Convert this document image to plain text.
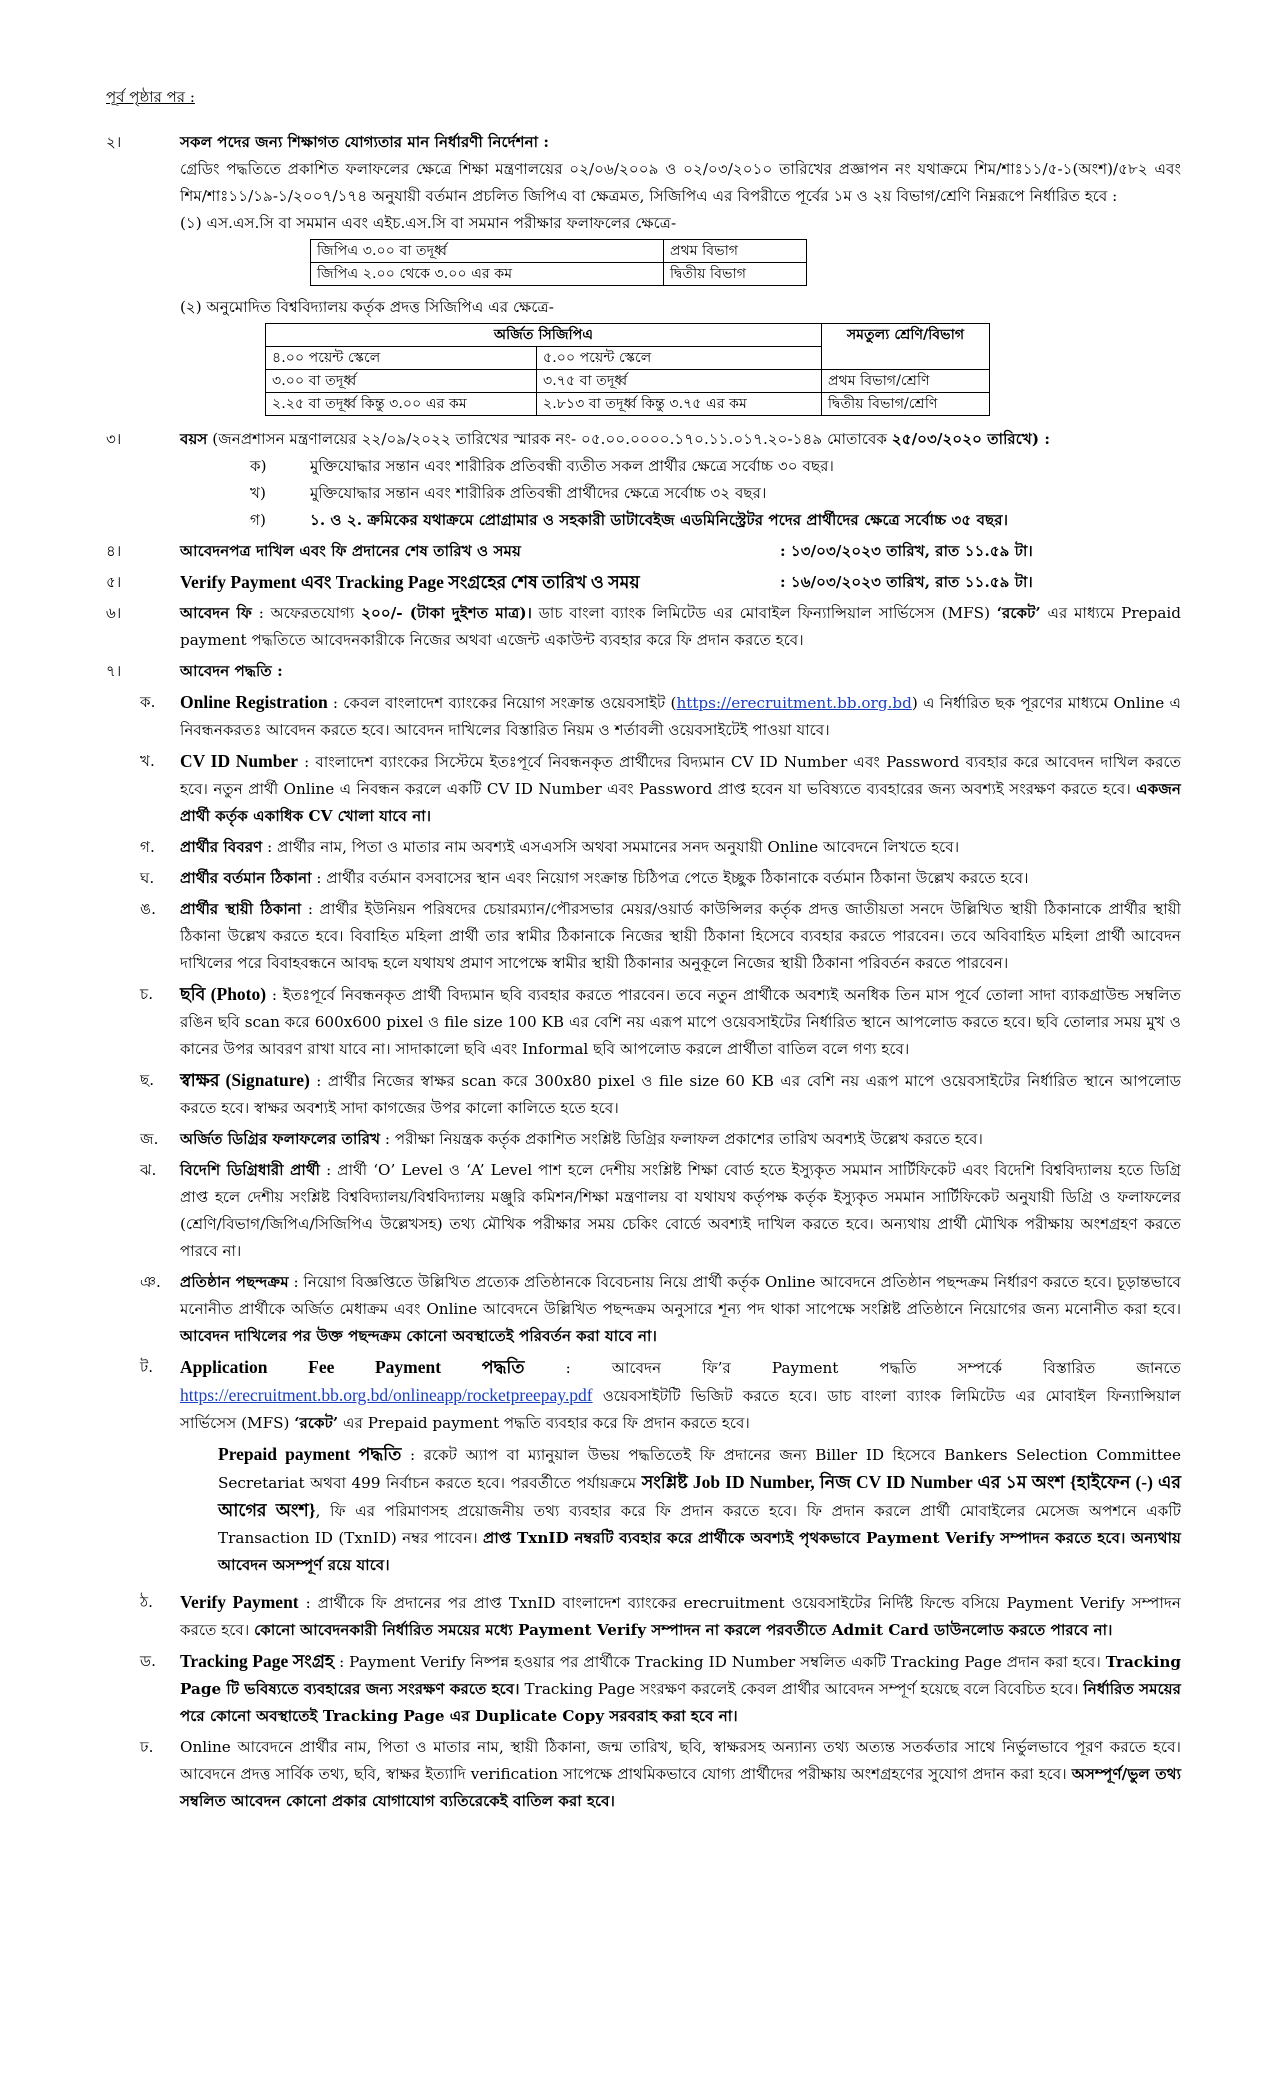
পূর্ব পৃষ্ঠার পর :
২।	সকল পদের জন্য শিক্ষাগত যোগ্যতার মান নির্ধারণী নির্দেশনা :
গ্রেডিং পদ্ধতিতে প্রকাশিত ফলাফলের ক্ষেত্রে শিক্ষা মন্ত্রণালয়ের ০২/০৬/২০০৯ ও ০২/০৩/২০১০ তারিখের প্রজ্ঞাপন নং যথাক্রমে শিম/শাঃ১১/৫-১(অংশ)/৫৮২ এবং শিম/শাঃ১১/১৯-১/২০০৭/১৭৪ অনুযায়ী বর্তমান প্রচলিত জিপিএ বা ক্ষেত্রমত, সিজিপিএ এর বিপরীতে পূর্বের ১ম ও ২য় বিভাগ/শ্রেণি নিম্নরূপে নির্ধারিত হবে :
(১) এস.এস.সি বা সমমান এবং এইচ.এস.সি বা সমমান পরীক্ষার ফলাফলের ক্ষেত্রে-
জিপিএ ৩.০০ বা তদূর্ধ্ব	প্রথম বিভাগ
জিপিএ ২.০০ থেকে ৩.০০ এর কম	দ্বিতীয় বিভাগ
(২) অনুমোদিত বিশ্ববিদ্যালয় কর্তৃক প্রদত্ত সিজিপিএ এর ক্ষেত্রে-
অর্জিত সিজিপিএ		সমতুল্য শ্রেণি/বিভাগ
৪.০০ পয়েন্ট স্কেলে	৫.০০ পয়েন্ট স্কেলে	
৩.০০ বা তদূর্ধ্ব	৩.৭৫ বা তদূর্ধ্ব	প্রথম বিভাগ/শ্রেণি
২.২৫ বা তদূর্ধ্ব কিন্তু ৩.০০ এর কম	২.৮১৩ বা তদূর্ধ্ব কিন্তু ৩.৭৫ এর কম	দ্বিতীয় বিভাগ/শ্রেণি
৩।	বয়স (জনপ্রশাসন মন্ত্রণালয়ের ২২/০৯/২০২২ তারিখের স্মারক নং- ০৫.০০.০০০০.১৭০.১১.০১৭.২০-১৪৯ মোতাবেক ২৫/০৩/২০২০ তারিখে) :
ক)	মুক্তিযোদ্ধার সন্তান এবং শারীরিক প্রতিবন্ধী ব্যতীত সকল প্রার্থীর ক্ষেত্রে সর্বোচ্চ ৩০ বছর।
খ)	মুক্তিযোদ্ধার সন্তান এবং শারীরিক প্রতিবন্ধী প্রার্থীদের ক্ষেত্রে সর্বোচ্চ ৩২ বছর।
গ)	১. ও ২. ক্রমিকের যথাক্রমে প্রোগ্রামার ও সহকারী ডাটাবেইজ এডমিনিস্ট্রেটর পদের প্রার্থীদের ক্ষেত্রে সর্বোচ্চ ৩৫ বছর।
৪।	আবেদনপত্র দাখিল এবং ফি প্রদানের শেষ তারিখ ও সময়	: ১৩/০৩/২০২৩ তারিখ, রাত ১১.৫৯ টা।
৫।	Verify Payment এবং Tracking Page সংগ্রহের শেষ তারিখ ও সময়	: ১৬/০৩/২০২৩ তারিখ, রাত ১১.৫৯ টা।
৬।	আবেদন ফি : অফেরতযোগ্য ২০০/- (টাকা দুইশত মাত্র)। ডাচ বাংলা ব্যাংক লিমিটেড এর মোবাইল ফিন্যান্সিয়াল সার্ভিসেস (MFS) ‘রকেট’ এর মাধ্যমে Prepaid payment পদ্ধতিতে আবেদনকারীকে নিজের অথবা এজেন্ট একাউন্ট ব্যবহার করে ফি প্রদান করতে হবে।
৭।	আবেদন পদ্ধতি :
ক.	Online Registration : কেবল বাংলাদেশ ব্যাংকের নিয়োগ সংক্রান্ত ওয়েবসাইট (https://erecruitment.bb.org.bd) এ নির্ধারিত ছক পূরণের মাধ্যমে Online এ নিবন্ধনকরতঃ আবেদন করতে হবে। আবেদন দাখিলের বিস্তারিত নিয়ম ও শর্তাবলী ওয়েবসাইটেই পাওয়া যাবে।
খ.	CV ID Number : বাংলাদেশ ব্যাংকের সিস্টেমে ইতঃপূর্বে নিবন্ধনকৃত প্রার্থীদের বিদ্যমান CV ID Number এবং Password ব্যবহার করে আবেদন দাখিল করতে হবে। নতুন প্রার্থী Online এ নিবন্ধন করলে একটি CV ID Number এবং Password প্রাপ্ত হবেন যা ভবিষ্যতে ব্যবহারের জন্য অবশ্যই সংরক্ষণ করতে হবে। একজন প্রার্থী কর্তৃক একাধিক CV খোলা যাবে না।
গ.	প্রার্থীর বিবরণ : প্রার্থীর নাম, পিতা ও মাতার নাম অবশ্যই এসএসসি অথবা সমমানের সনদ অনুযায়ী Online আবেদনে লিখতে হবে।
ঘ.	প্রার্থীর বর্তমান ঠিকানা : প্রার্থীর বর্তমান বসবাসের স্থান এবং নিয়োগ সংক্রান্ত চিঠিপত্র পেতে ইচ্ছুক ঠিকানাকে বর্তমান ঠিকানা উল্লেখ করতে হবে।
ঙ.	প্রার্থীর স্থায়ী ঠিকানা : প্রার্থীর ইউনিয়ন পরিষদের চেয়ারম্যান/পৌরসভার মেয়র/ওয়ার্ড কাউন্সিলর কর্তৃক প্রদত্ত জাতীয়তা সনদে উল্লিখিত স্থায়ী ঠিকানাকে প্রার্থীর স্থায়ী ঠিকানা উল্লেখ করতে হবে। বিবাহিত মহিলা প্রার্থী তার স্বামীর ঠিকানাকে নিজের স্থায়ী ঠিকানা হিসেবে ব্যবহার করতে পারবেন। তবে অবিবাহিত মহিলা প্রার্থী আবেদন দাখিলের পরে বিবাহবন্ধনে আবদ্ধ হলে যথাযথ প্রমাণ সাপেক্ষে স্বামীর স্থায়ী ঠিকানার অনুকূলে নিজের স্থায়ী ঠিকানা পরিবর্তন করতে পারবেন।
চ.	ছবি (Photo) : ইতঃপূর্বে নিবন্ধনকৃত প্রার্থী বিদ্যমান ছবি ব্যবহার করতে পারবেন। তবে নতুন প্রার্থীকে অবশ্যই অনধিক তিন মাস পূর্বে তোলা সাদা ব্যাকগ্রাউন্ড সম্বলিত রঙিন ছবি scan করে 600x600 pixel ও file size 100 KB এর বেশি নয় এরূপ মাপে ওয়েবসাইটের নির্ধারিত স্থানে আপলোড করতে হবে। ছবি তোলার সময় মুখ ও কানের উপর আবরণ রাখা যাবে না। সাদাকালো ছবি এবং Informal ছবি আপলোড করলে প্রার্থীতা বাতিল বলে গণ্য হবে।
ছ.	স্বাক্ষর (Signature) : প্রার্থীর নিজের স্বাক্ষর scan করে 300x80 pixel ও file size 60 KB এর বেশি নয় এরূপ মাপে ওয়েবসাইটের নির্ধারিত স্থানে আপলোড করতে হবে। স্বাক্ষর অবশ্যই সাদা কাগজের উপর কালো কালিতে হতে হবে।
জ.	অর্জিত ডিগ্রির ফলাফলের তারিখ : পরীক্ষা নিয়ন্ত্রক কর্তৃক প্রকাশিত সংশ্লিষ্ট ডিগ্রির ফলাফল প্রকাশের তারিখ অবশ্যই উল্লেখ করতে হবে।
ঝ.	বিদেশি ডিগ্রিধারী প্রার্থী : প্রার্থী ‘O’ Level ও ‘A’ Level পাশ হলে দেশীয় সংশ্লিষ্ট শিক্ষা বোর্ড হতে ইস্যুকৃত সমমান সার্টিফিকেট এবং বিদেশি বিশ্ববিদ্যালয় হতে ডিগ্রি প্রাপ্ত হলে দেশীয় সংশ্লিষ্ট বিশ্ববিদ্যালয়/বিশ্ববিদ্যালয় মঞ্জুরি কমিশন/শিক্ষা মন্ত্রণালয় বা যথাযথ কর্তৃপক্ষ কর্তৃক ইস্যুকৃত সমমান সার্টিফিকেট অনুযায়ী ডিগ্রি ও ফলাফলের (শ্রেণি/বিভাগ/জিপিএ/সিজিপিএ উল্লেখসহ) তথ্য মৌখিক পরীক্ষার সময় চেকিং বোর্ডে অবশ্যই দাখিল করতে হবে। অন্যথায় প্রার্থী মৌখিক পরীক্ষায় অংশগ্রহণ করতে পারবে না।
ঞ.	প্রতিষ্ঠান পছন্দক্রম : নিয়োগ বিজ্ঞপ্তিতে উল্লিখিত প্রত্যেক প্রতিষ্ঠানকে বিবেচনায় নিয়ে প্রার্থী কর্তৃক Online আবেদনে প্রতিষ্ঠান পছন্দক্রম নির্ধারণ করতে হবে। চূড়ান্তভাবে মনোনীত প্রার্থীকে অর্জিত মেধাক্রম এবং Online আবেদনে উল্লিখিত পছন্দক্রম অনুসারে শূন্য পদ থাকা সাপেক্ষে সংশ্লিষ্ট প্রতিষ্ঠানে নিয়োগের জন্য মনোনীত করা হবে। আবেদন দাখিলের পর উক্ত পছন্দক্রম কোনো অবস্থাতেই পরিবর্তন করা যাবে না।
ট.	Application Fee Payment পদ্ধতি : আবেদন ফি’র Payment পদ্ধতি সম্পর্কে বিস্তারিত জানতে https://erecruitment.bb.org.bd/onlineapp/rocketpreepay.pdf ওয়েবসাইটটি ভিজিট করতে হবে। ডাচ বাংলা ব্যাংক লিমিটেড এর মোবাইল ফিন্যান্সিয়াল সার্ভিসেস (MFS) ‘রকেট’ এর Prepaid payment পদ্ধতি ব্যবহার করে ফি প্রদান করতে হবে।
Prepaid payment পদ্ধতি : রকেট অ্যাপ বা ম্যানুয়াল উভয় পদ্ধতিতেই ফি প্রদানের জন্য Biller ID হিসেবে Bankers Selection Committee Secretariat অথবা 499 নির্বাচন করতে হবে। পরবর্তীতে পর্যায়ক্রমে সংশ্লিষ্ট Job ID Number, নিজ CV ID Number এর ১ম অংশ {হাইফেন (-) এর আগের অংশ}, ফি এর পরিমাণসহ প্রয়োজনীয় তথ্য ব্যবহার করে ফি প্রদান করতে হবে। ফি প্রদান করলে প্রার্থী মোবাইলের মেসেজ অপশনে একটি Transaction ID (TxnID) নম্বর পাবেন। প্রাপ্ত TxnID নম্বরটি ব্যবহার করে প্রার্থীকে অবশ্যই পৃথকভাবে Payment Verify সম্পাদন করতে হবে। অন্যথায় আবেদন অসম্পূর্ণ রয়ে যাবে।
ঠ.	Verify Payment : প্রার্থীকে ফি প্রদানের পর প্রাপ্ত TxnID বাংলাদেশ ব্যাংকের erecruitment ওয়েবসাইটের নির্দিষ্ট ফিল্ডে বসিয়ে Payment Verify সম্পাদন করতে হবে। কোনো আবেদনকারী নির্ধারিত সময়ের মধ্যে Payment Verify সম্পাদন না করলে পরবর্তীতে Admit Card ডাউনলোড করতে পারবে না।
ড.	Tracking Page সংগ্রহ : Payment Verify নিষ্পন্ন হওয়ার পর প্রার্থীকে Tracking ID Number সম্বলিত একটি Tracking Page প্রদান করা হবে। Tracking Page টি ভবিষ্যতে ব্যবহারের জন্য সংরক্ষণ করতে হবে। Tracking Page সংরক্ষণ করলেই কেবল প্রার্থীর আবেদন সম্পূর্ণ হয়েছে বলে বিবেচিত হবে। নির্ধারিত সময়ের পরে কোনো অবস্থাতেই Tracking Page এর Duplicate Copy সরবরাহ করা হবে না।
ঢ.	Online আবেদনে প্রার্থীর নাম, পিতা ও মাতার নাম, স্থায়ী ঠিকানা, জন্ম তারিখ, ছবি, স্বাক্ষরসহ অন্যান্য তথ্য অত্যন্ত সতর্কতার সাথে নির্ভুলভাবে পূরণ করতে হবে। আবেদনে প্রদত্ত সার্বিক তথ্য, ছবি, স্বাক্ষর ইত্যাদি verification সাপেক্ষে প্রাথমিকভাবে যোগ্য প্রার্থীদের পরীক্ষায় অংশগ্রহণের সুযোগ প্রদান করা হবে। অসম্পূর্ণ/ভুল তথ্য সম্বলিত আবেদন কোনো প্রকার যোগাযোগ ব্যতিরেকেই বাতিল করা হবে।
